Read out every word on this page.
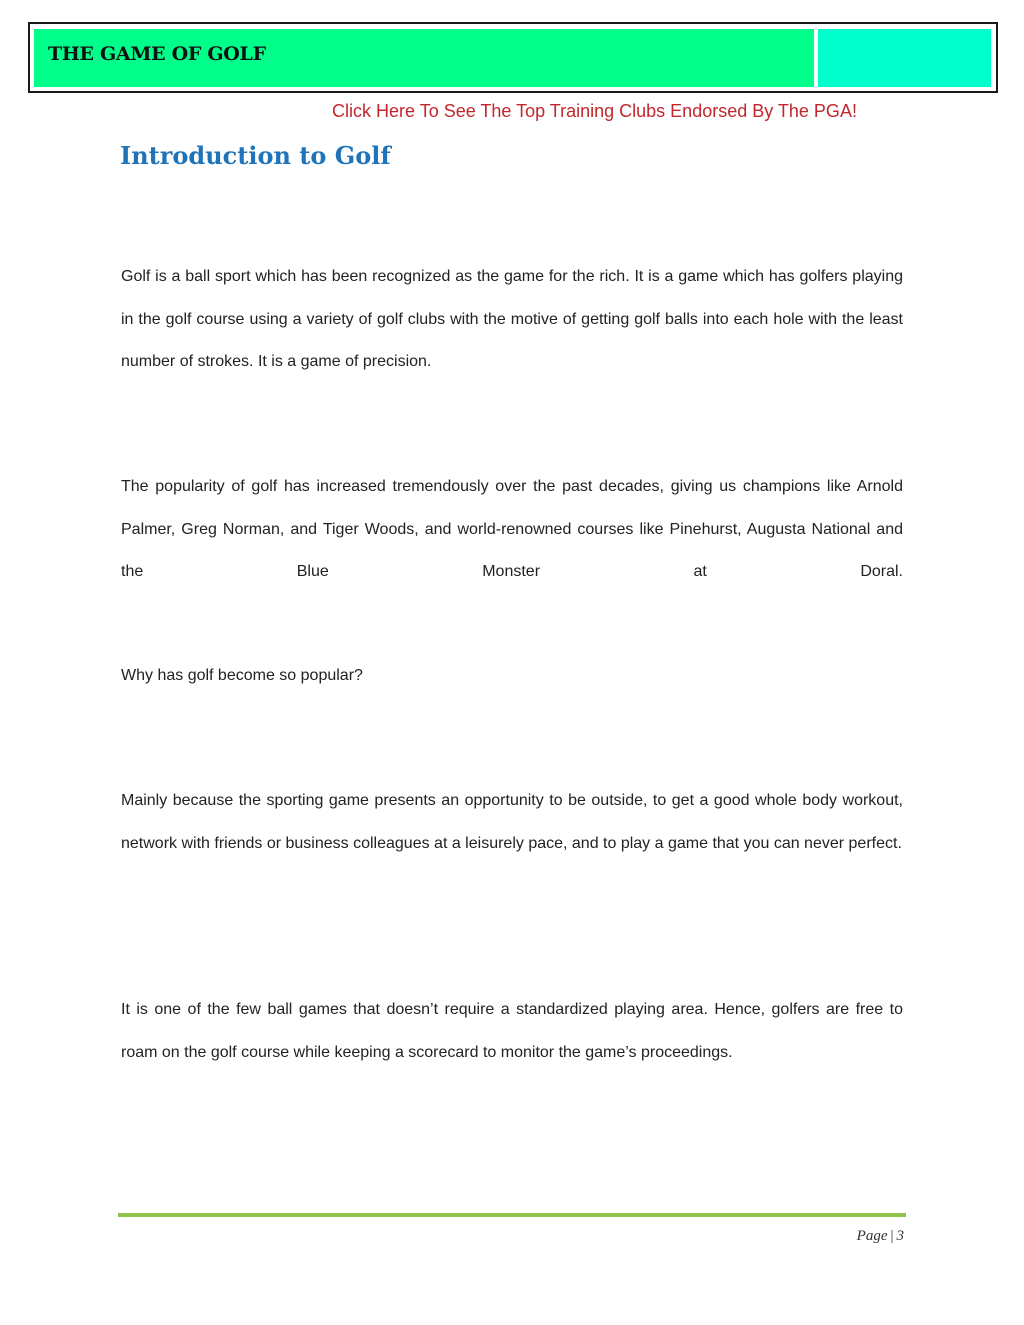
THE GAME OF GOLF
Click Here To See The Top Training Clubs Endorsed By The PGA!
Introduction to Golf

Golf is a ball sport which has been recognized as the game for the rich. It is a game which has golfers playing in the golf course using a variety of golf clubs with the motive of getting golf balls into each hole with the least number of strokes. It is a game of precision.

The popularity of golf has increased tremendously over the past decades, giving us champions like Arnold Palmer, Greg Norman, and Tiger Woods, and world-renowned courses like Pinehurst, Augusta National and the Blue Monster at Doral.

Why has golf become so popular?

Mainly because the sporting game presents an opportunity to be outside, to get a good whole body workout, network with friends or business colleagues at a leisurely pace, and to play a game that you can never perfect.

It is one of the few ball games that doesn’t require a standardized playing area. Hence, golfers are free to roam on the golf course while keeping a scorecard to monitor the game’s proceedings.

Page | 3
